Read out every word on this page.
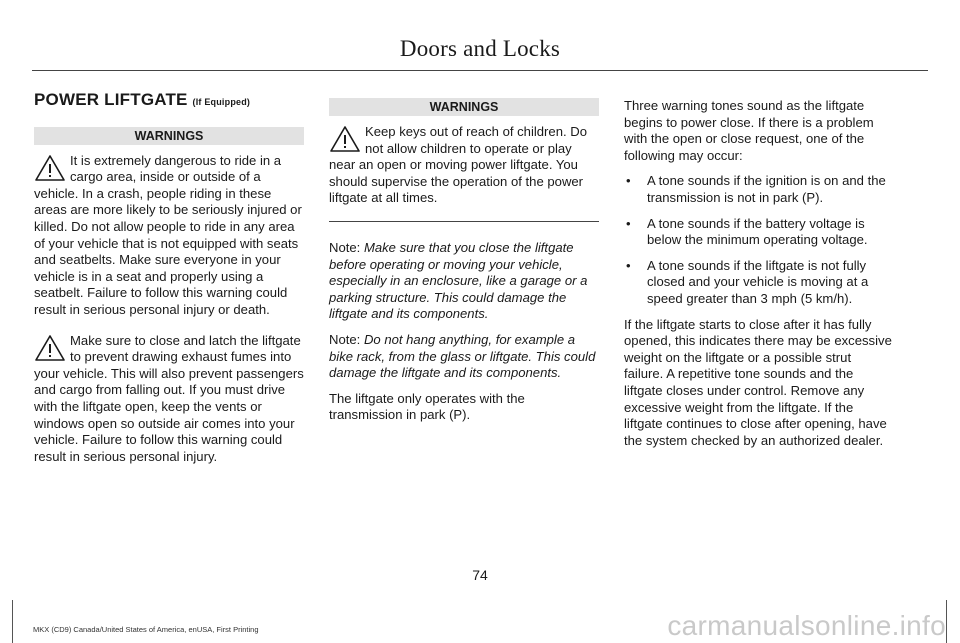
Doors and Locks
POWER LIFTGATE (If Equipped)
WARNINGS

It is extremely dangerous to ride in a cargo area, inside or outside of a vehicle. In a crash, people riding in these areas are more likely to be seriously injured or killed. Do not allow people to ride in any area of your vehicle that is not equipped with seats and seatbelts. Make sure everyone in your vehicle is in a seat and properly using a seatbelt. Failure to follow this warning could result in serious personal injury or death.

Make sure to close and latch the liftgate to prevent drawing exhaust fumes into your vehicle. This will also prevent passengers and cargo from falling out. If you must drive with the liftgate open, keep the vents or windows open so outside air comes into your vehicle. Failure to follow this warning could result in serious personal injury.

WARNINGS

Keep keys out of reach of children. Do not allow children to operate or play near an open or moving power liftgate. You should supervise the operation of the power liftgate at all times.

Note: Make sure that you close the liftgate before operating or moving your vehicle, especially in an enclosure, like a garage or a parking structure. This could damage the liftgate and its components.

Note: Do not hang anything, for example a bike rack, from the glass or liftgate. This could damage the liftgate and its components.

The liftgate only operates with the transmission in park (P).

Three warning tones sound as the liftgate begins to power close. If there is a problem with the open or close request, one of the following may occur:

• A tone sounds if the ignition is on and the transmission is not in park (P).
• A tone sounds if the battery voltage is below the minimum operating voltage.
• A tone sounds if the liftgate is not fully closed and your vehicle is moving at a speed greater than 3 mph (5 km/h).

If the liftgate starts to close after it has fully opened, this indicates there may be excessive weight on the liftgate or a possible strut failure. A repetitive tone sounds and the liftgate closes under control. Remove any excessive weight from the liftgate. If the liftgate continues to close after opening, have the system checked by an authorized dealer.

74
MKX (CD9) Canada/United States of America, enUSA, First Printing	carmanualsonline.info
